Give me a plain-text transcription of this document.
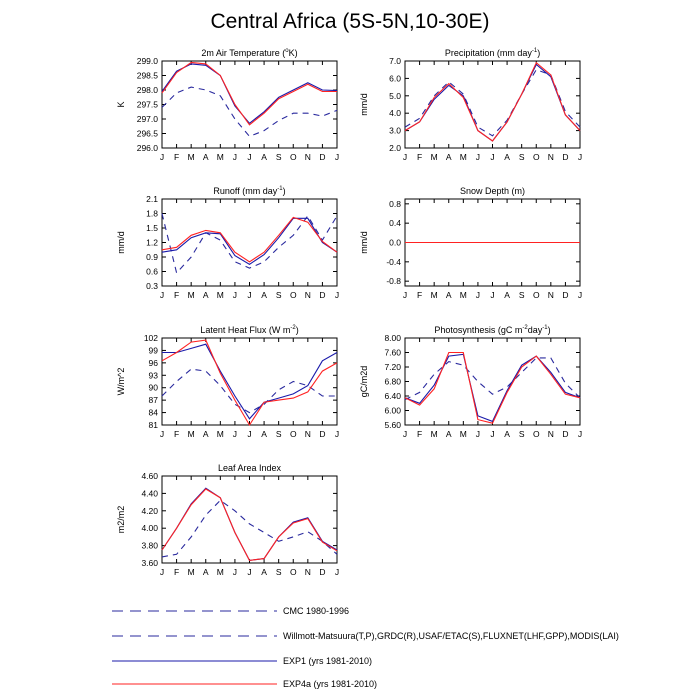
Central Africa (5S-5N,10-30E)
2m Air Temperature ($^o$K)
296.0
296.5
297.0
297.5
298.0
298.5
299.0
J F M A M J J A S O N D J
K
Precipitation (mm day$^{-1}$)
2.0
3.0
4.0
5.0
6.0
7.0
J F M A M J J A S O N D J
mm/d
Runoff (mm day$^{-1}$)
0.3
0.6
0.9
1.2
1.5
1.8
2.1
J F M A M J J A S O N D J
mm/d
Snow Depth (m)
-0.8
-0.4
0.0
0.4
0.8
J F M A M J J A S O N D J
mm/d
Latent Heat Flux (W $m^{-2}$)
81
84
87
90
93
96
99
102
J F M A M J J A S O N D J
W/m^2
Photosynthesis (gC $m^{-2}day^{-1}$)
5.60
6.00
6.40
6.80
7.20
7.60
8.00
J F M A M J J A S O N D J
gC/m2d
Leaf Area Index
3.60
3.80
4.00
4.20
4.40
4.60
J F M A M J J A S O N D J
m2/m2
CMC 1980-1996
Willmott-Matsuura(T,P),GRDC(R),USAF/ETAC(S),FLUXNET(LHF,GPP),MODIS(LAI)
EXP1 (yrs 1981-2010)
EXP4a (yrs 1981-2010)
